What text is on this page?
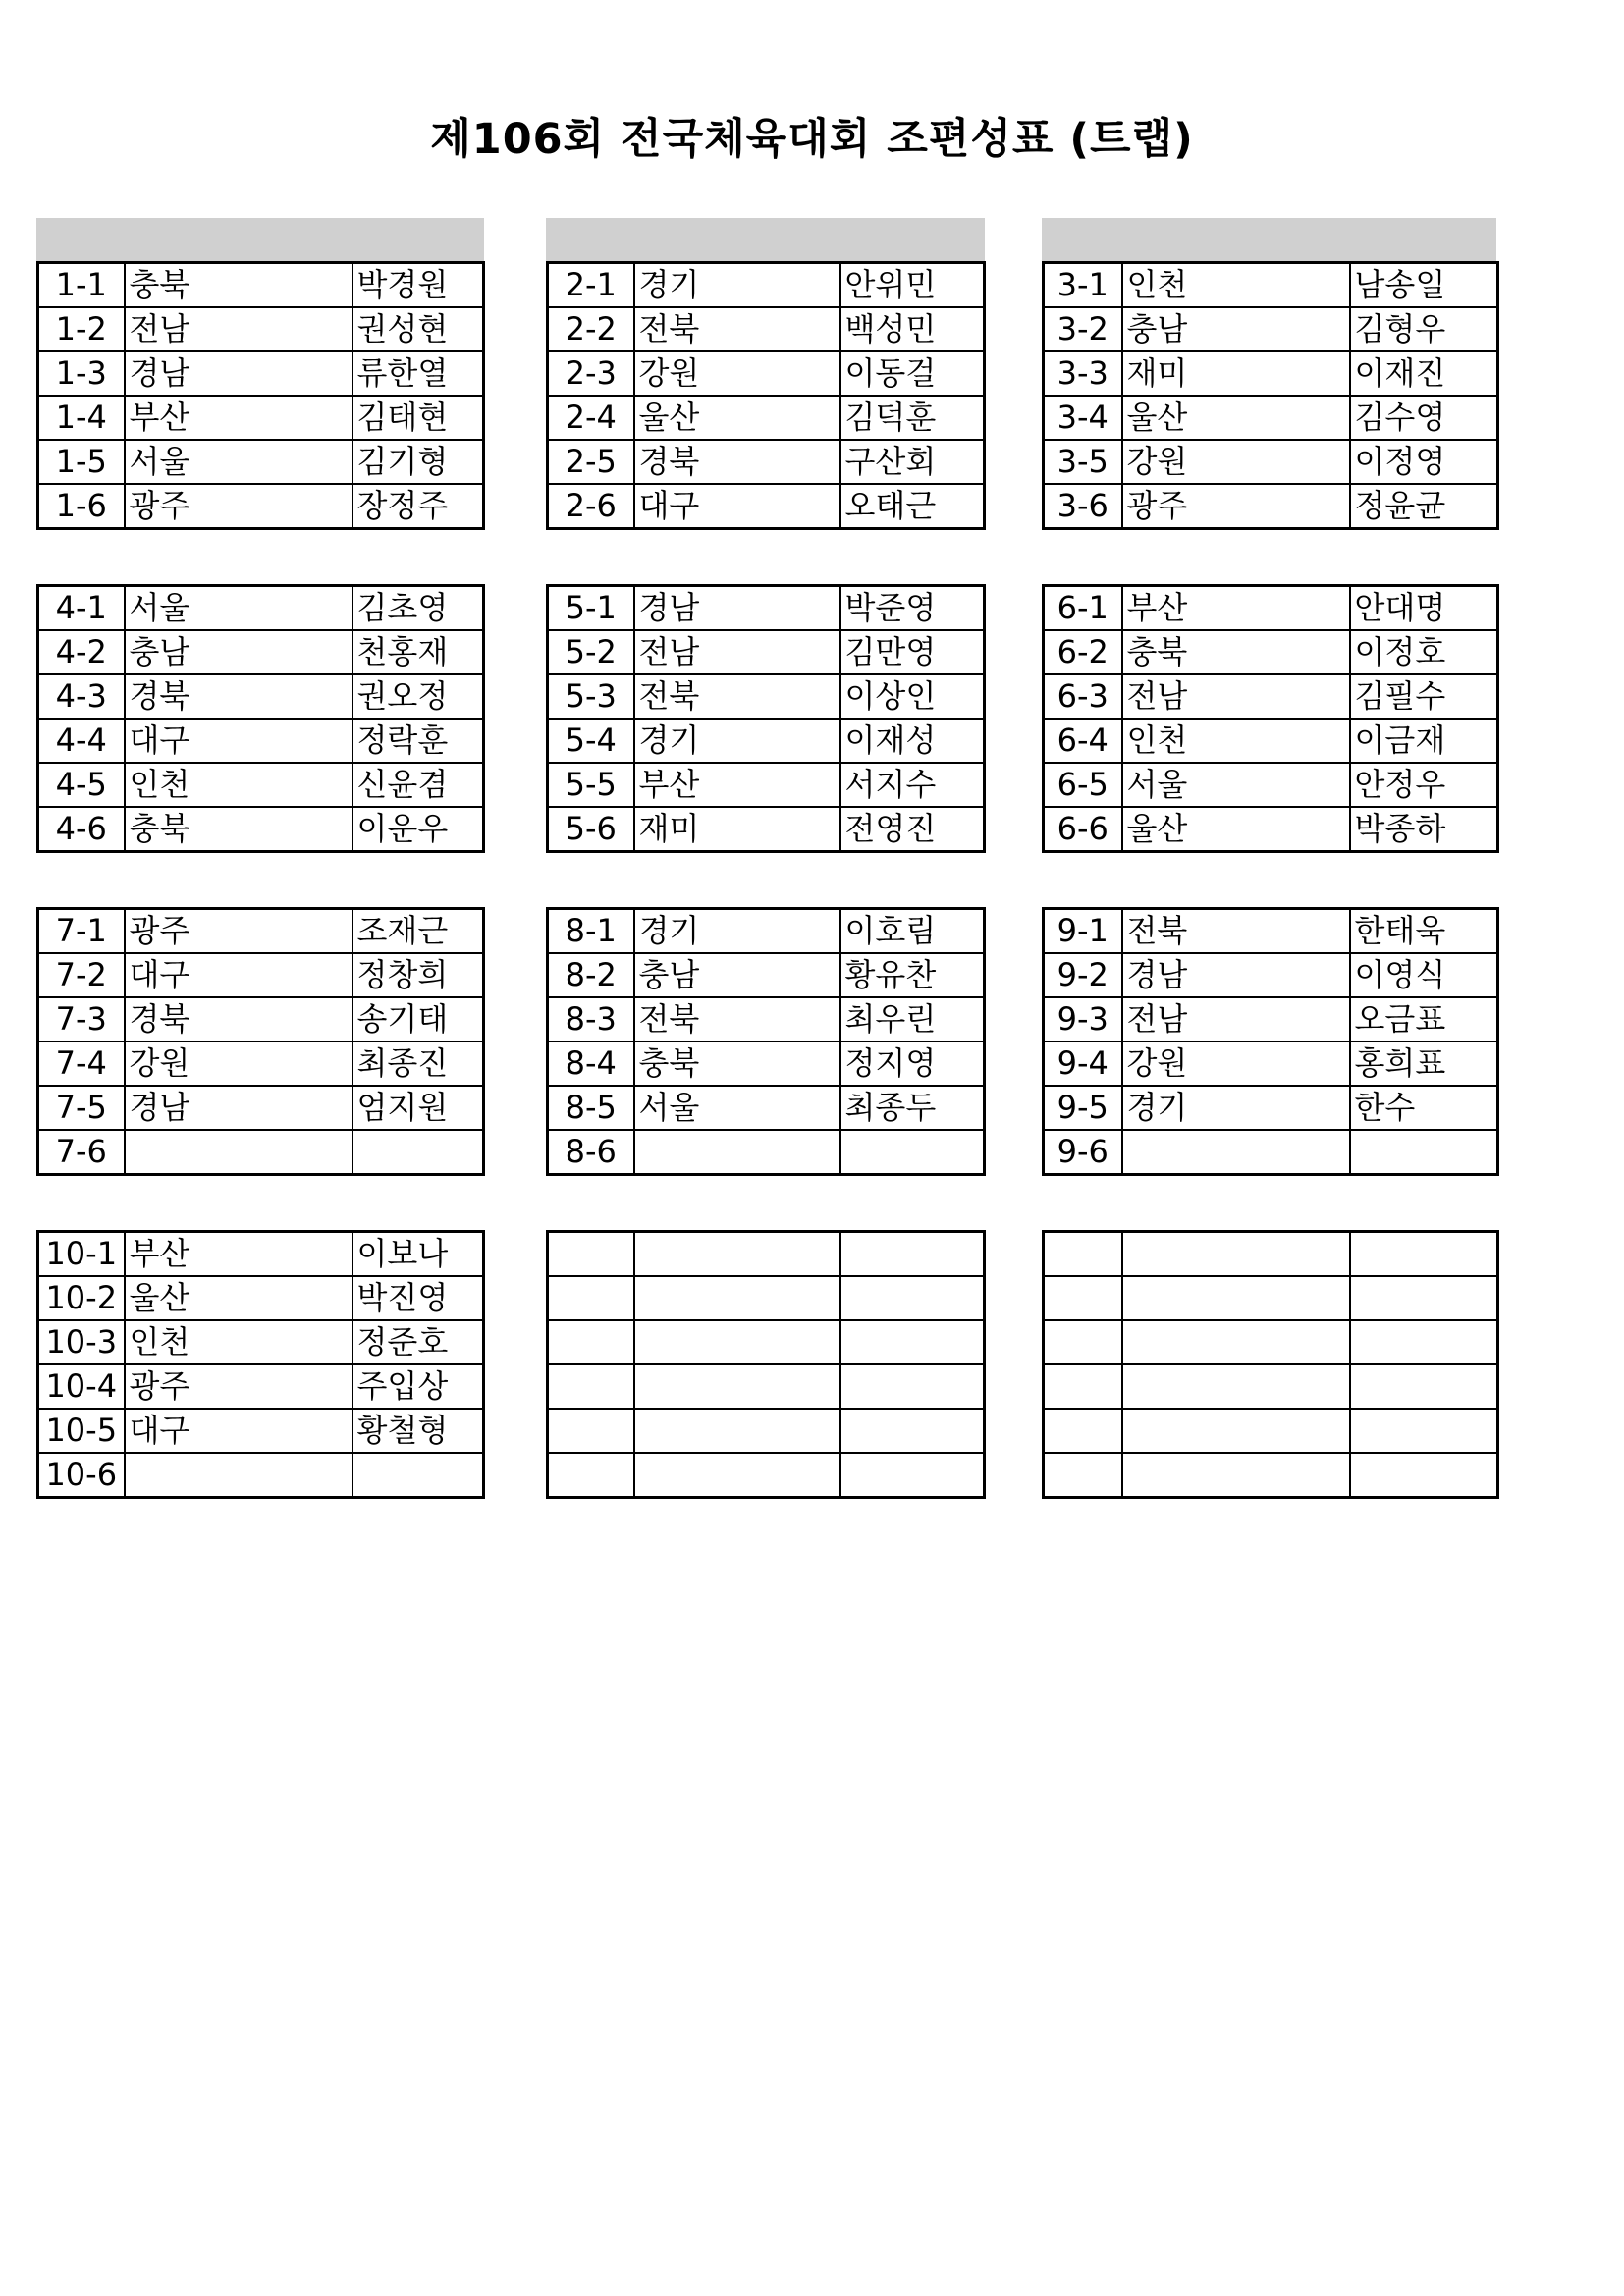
제106회 전국체육대회 조편성표 (트랩)
1-1	충북	박경원
1-2	전남	권성현
1-3	경남	류한열
1-4	부산	김태현
1-5	서울	김기형
1-6	광주	장정주
2-1	경기	안위민
2-2	전북	백성민
2-3	강원	이동걸
2-4	울산	김덕훈
2-5	경북	구산회
2-6	대구	오태근
3-1	인천	남송일
3-2	충남	김형우
3-3	재미	이재진
3-4	울산	김수영
3-5	강원	이정영
3-6	광주	정윤균
4-1	서울	김초영
4-2	충남	천홍재
4-3	경북	권오정
4-4	대구	정락훈
4-5	인천	신윤겸
4-6	충북	이운우
5-1	경남	박준영
5-2	전남	김만영
5-3	전북	이상인
5-4	경기	이재성
5-5	부산	서지수
5-6	재미	전영진
6-1	부산	안대명
6-2	충북	이정호
6-3	전남	김필수
6-4	인천	이금재
6-5	서울	안정우
6-6	울산	박종하
7-1	광주	조재근
7-2	대구	정창희
7-3	경북	송기태
7-4	강원	최종진
7-5	경남	엄지원
7-6		
8-1	경기	이호림
8-2	충남	황유찬
8-3	전북	최우린
8-4	충북	정지영
8-5	서울	최종두
8-6		
9-1	전북	한태욱
9-2	경남	이영식
9-3	전남	오금표
9-4	강원	홍희표
9-5	경기	한수
9-6		
10-1	부산	이보나
10-2	울산	박진영
10-3	인천	정준호
10-4	광주	주입상
10-5	대구	황철형
10-6		
